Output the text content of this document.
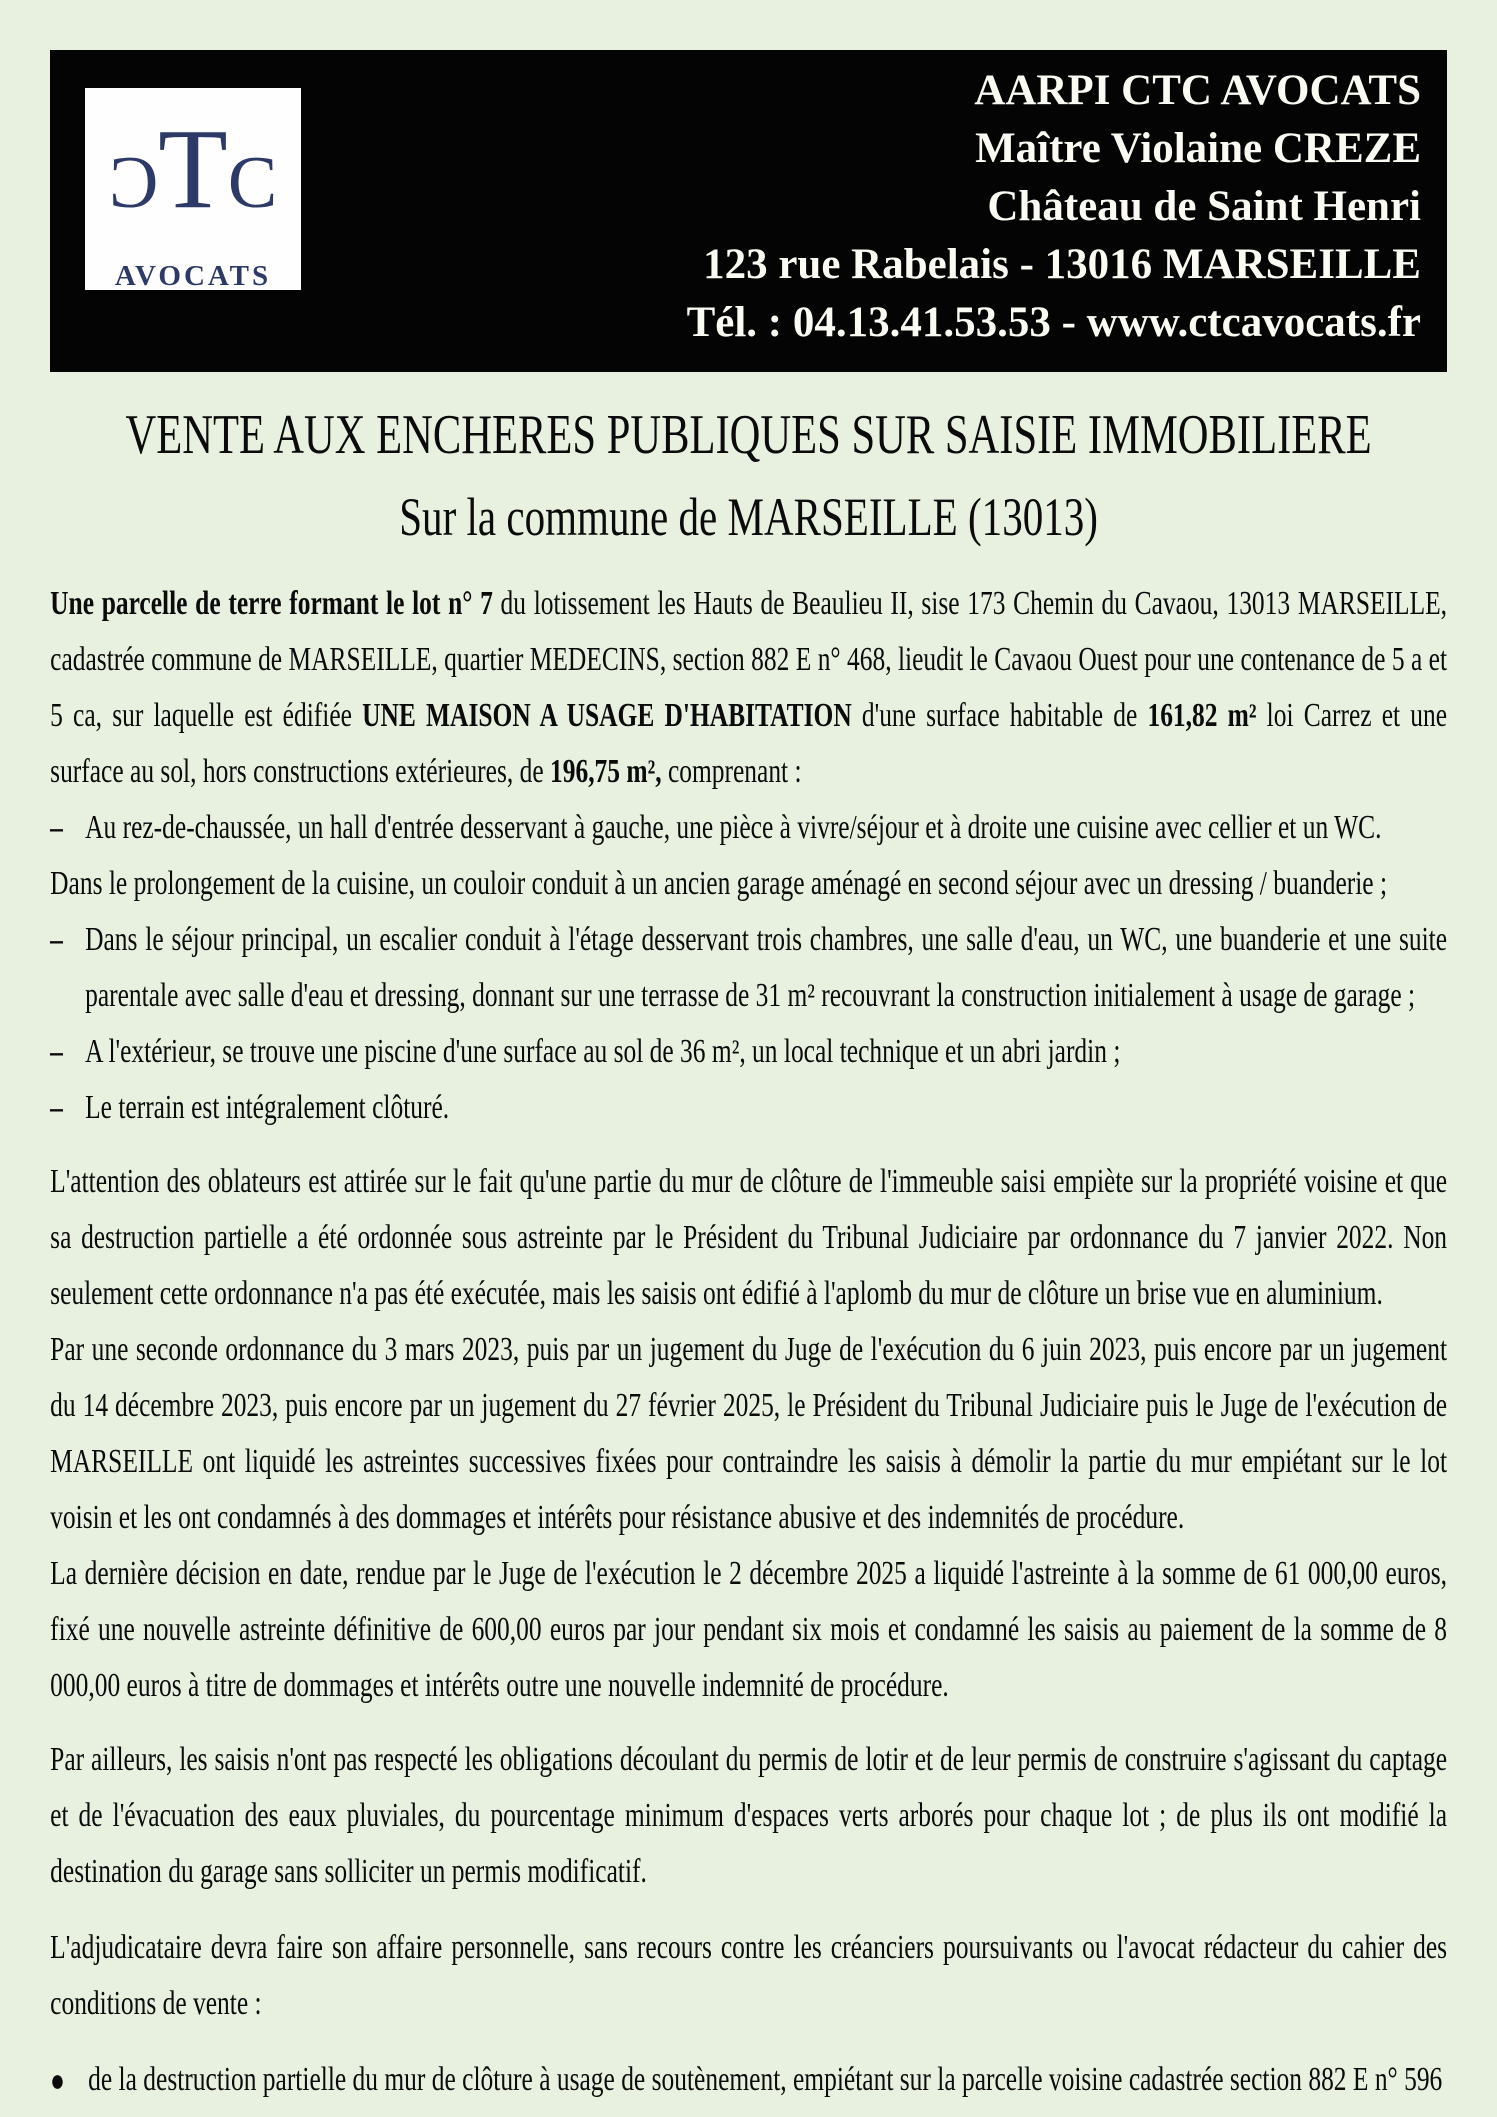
CTC
AVOCATS
AARPI CTC AVOCATS
Maître Violaine CREZE
Château de Saint Henri
123 rue Rabelais - 13016 MARSEILLE
Tél. : 04.13.41.53.53 - www.ctcavocats.fr
VENTE AUX ENCHERES PUBLIQUES SUR SAISIE IMMOBILIERE
Sur la commune de MARSEILLE (13013)

Une parcelle de terre formant le lot n° 7 du lotissement les Hauts de Beaulieu II, sise 173 Chemin du Cavaou, 13013 MARSEILLE, cadastrée commune de MARSEILLE, quartier MEDECINS, section 882 E n° 468, lieudit le Cavaou Ouest pour une contenance de 5 a et 5 ca, sur laquelle est édifiée UNE MAISON A USAGE D'HABITATION d'une surface habitable de 161,82 m² loi Carrez et une surface au sol, hors constructions extérieures, de 196,75 m², comprenant :

– Au rez-de-chaussée, un hall d'entrée desservant à gauche, une pièce à vivre/séjour et à droite une cuisine avec cellier et un WC.

Dans le prolongement de la cuisine, un couloir conduit à un ancien garage aménagé en second séjour avec un dressing / buanderie ;

– Dans le séjour principal, un escalier conduit à l'étage desservant trois chambres, une salle d'eau, un WC, une buanderie et une suite parentale avec salle d'eau et dressing, donnant sur une terrasse de 31 m² recouvrant la construction initialement à usage de garage ;
– A l'extérieur, se trouve une piscine d'une surface au sol de 36 m², un local technique et un abri jardin ;
– Le terrain est intégralement clôturé.

L'attention des oblateurs est attirée sur le fait qu'une partie du mur de clôture de l'immeuble saisi empiète sur la propriété voisine et que sa destruction partielle a été ordonnée sous astreinte par le Président du Tribunal Judiciaire par ordonnance du 7 janvier 2022. Non seulement cette ordonnance n'a pas été exécutée, mais les saisis ont édifié à l'aplomb du mur de clôture un brise vue en aluminium.

Par une seconde ordonnance du 3 mars 2023, puis par un jugement du Juge de l'exécution du 6 juin 2023, puis encore par un jugement du 14 décembre 2023, puis encore par un jugement du 27 février 2025, le Président du Tribunal Judiciaire puis le Juge de l'exécution de MARSEILLE ont liquidé les astreintes successives fixées pour contraindre les saisis à démolir la partie du mur empiétant sur le lot voisin et les ont condamnés à des dommages et intérêts pour résistance abusive et des indemnités de procédure.

La dernière décision en date, rendue par le Juge de l'exécution le 2 décembre 2025 a liquidé l'astreinte à la somme de 61 000,00 euros, fixé une nouvelle astreinte définitive de 600,00 euros par jour pendant six mois et condamné les saisis au paiement de la somme de 8 000,00 euros à titre de dommages et intérêts outre une nouvelle indemnité de procédure.

Par ailleurs, les saisis n'ont pas respecté les obligations découlant du permis de lotir et de leur permis de construire s'agissant du captage et de l'évacuation des eaux pluviales, du pourcentage minimum d'espaces verts arborés pour chaque lot ; de plus ils ont modifié la destination du garage sans solliciter un permis modificatif.

L'adjudicataire devra faire son affaire personnelle, sans recours contre les créanciers poursuivants ou l'avocat rédacteur du cahier des conditions de vente :

● de la destruction partielle du mur de clôture à usage de soutènement, empiétant sur la parcelle voisine cadastrée section 882 E n° 596
